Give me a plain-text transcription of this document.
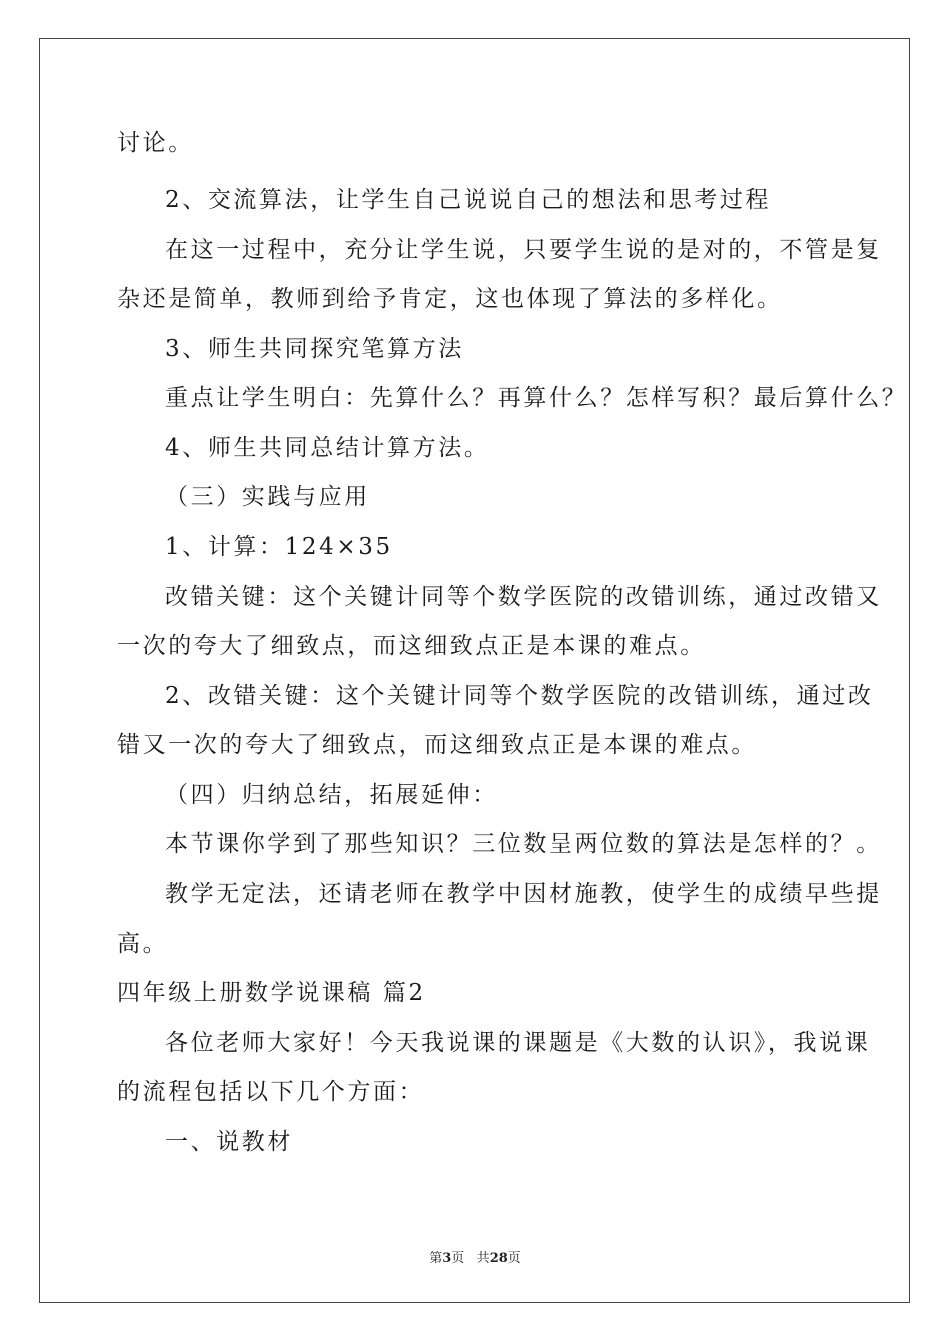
讨论。
2、交流算法，让学生自己说说自己的想法和思考过程
在这一过程中，充分让学生说，只要学生说的是对的，不管是复
杂还是简单，教师到给予肯定，这也体现了算法的多样化。
3、师生共同探究笔算方法
重点让学生明白：先算什么？再算什么？怎样写积？最后算什么？
4、师生共同总结计算方法。
（三）实践与应用
1、计算：124×35
改错关键：这个关键计同等个数学医院的改错训练，通过改错又
一次的夸大了细致点，而这细致点正是本课的难点。
2、改错关键：这个关键计同等个数学医院的改错训练，通过改
错又一次的夸大了细致点，而这细致点正是本课的难点。
（四）归纳总结，拓展延伸：
本节课你学到了那些知识？三位数呈两位数的算法是怎样的？。
教学无定法，还请老师在教学中因材施教，使学生的成绩早些提
高。
四年级上册数学说课稿 篇2
各位老师大家好！今天我说课的课题是《大数的认识》，我说课
的流程包括以下几个方面：
一、说教材
第3页 共28页
